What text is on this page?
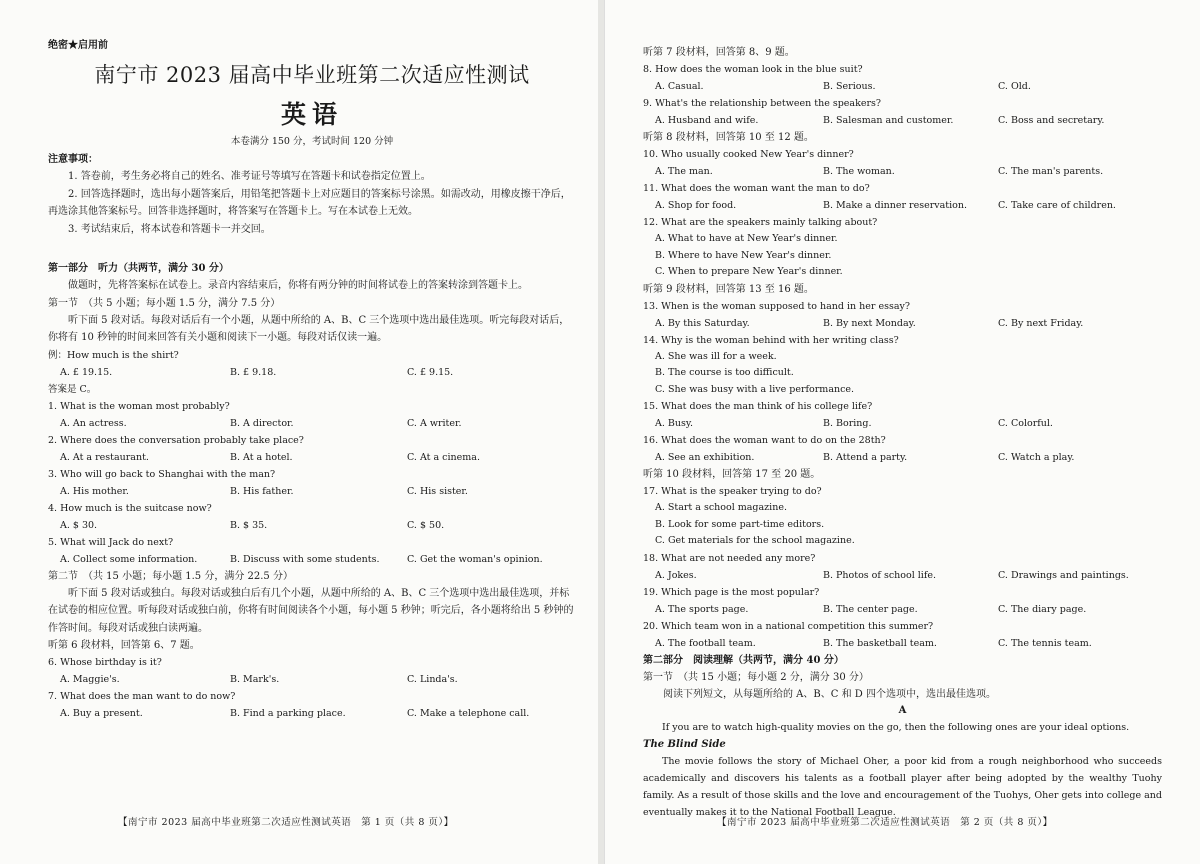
绝密★启用前
南宁市 2023 届高中毕业班第二次适应性测试
英语
本卷满分 150 分，考试时间 120 分钟
注意事项：
1. 答卷前，考生务必将自己的姓名、准考证号等填写在答题卡和试卷指定位置上。
2. 回答选择题时，选出每小题答案后，用铅笔把答题卡上对应题目的答案标号涂黑。如需改动，用橡皮擦干净后，再选涂其他答案标号。回答非选择题时，将答案写在答题卡上。写在本试卷上无效。
3. 考试结束后，将本试卷和答题卡一并交回。
第一部分　听力（共两节，满分 30 分）
做题时，先将答案标在试卷上。录音内容结束后，你将有两分钟的时间将试卷上的答案转涂到答题卡上。
第一节　（共 5 小题；每小题 1.5 分，满分 7.5 分）
听下面 5 段对话。每段对话后有一个小题，从题中所给的 A、B、C 三个选项中选出最佳选项。听完每段对话后，你将有 10 秒钟的时间来回答有关小题和阅读下一小题。每段对话仅读一遍。
例：How much is the shirt?
A. £ 19.15.	B. £ 9.18.	C. £ 9.15.
答案是 C。
1. What is the woman most probably?
A. An actress.	B. A director.	C. A writer.
2. Where does the conversation probably take place?
A. At a restaurant.	B. At a hotel.	C. At a cinema.
3. Who will go back to Shanghai with the man?
A. His mother.	B. His father.	C. His sister.
4. How much is the suitcase now?
A. $ 30.	B. $ 35.	C. $ 50.
5. What will Jack do next?
A. Collect some information.	B. Discuss with some students.	C. Get the woman's opinion.
第二节　（共 15 小题；每小题 1.5 分，满分 22.5 分）
听下面 5 段对话或独白。每段对话或独白后有几个小题，从题中所给的 A、B、C 三个选项中选出最佳选项，并标在试卷的相应位置。听每段对话或独白前，你将有时间阅读各个小题，每小题 5 秒钟；听完后，各小题将给出 5 秒钟的作答时间。每段对话或独白读两遍。
听第 6 段材料，回答第 6、7 题。
6. Whose birthday is it?
A. Maggie's.	B. Mark's.	C. Linda's.
7. What does the man want to do now?
A. Buy a present.	B. Find a parking place.	C. Make a telephone call.
【南宁市 2023 届高中毕业班第二次适应性测试英语　第 1 页（共 8 页）】
听第 7 段材料，回答第 8、9 题。
8. How does the woman look in the blue suit?
A. Casual.	B. Serious.	C. Old.
9. What's the relationship between the speakers?
A. Husband and wife.	B. Salesman and customer.	C. Boss and secretary.
听第 8 段材料，回答第 10 至 12 题。
10. Who usually cooked New Year's dinner?
A. The man.	B. The woman.	C. The man's parents.
11. What does the woman want the man to do?
A. Shop for food.	B. Make a dinner reservation.	C. Take care of children.
12. What are the speakers mainly talking about?
A. What to have at New Year's dinner.
B. Where to have New Year's dinner.
C. When to prepare New Year's dinner.
听第 9 段材料，回答第 13 至 16 题。
13. When is the woman supposed to hand in her essay?
A. By this Saturday.	B. By next Monday.	C. By next Friday.
14. Why is the woman behind with her writing class?
A. She was ill for a week.
B. The course is too difficult.
C. She was busy with a live performance.
15. What does the man think of his college life?
A. Busy.	B. Boring.	C. Colorful.
16. What does the woman want to do on the 28th?
A. See an exhibition.	B. Attend a party.	C. Watch a play.
听第 10 段材料，回答第 17 至 20 题。
17. What is the speaker trying to do?
A. Start a school magazine.
B. Look for some part-time editors.
C. Get materials for the school magazine.
18. What are not needed any more?
A. Jokes.	B. Photos of school life.	C. Drawings and paintings.
19. Which page is the most popular?
A. The sports page.	B. The center page.	C. The diary page.
20. Which team won in a national competition this summer?
A. The football team.	B. The basketball team.	C. The tennis team.
第二部分　阅读理解（共两节，满分 40 分）
第一节　（共 15 小题；每小题 2 分，满分 30 分）
阅读下列短文，从每题所给的 A、B、C 和 D 四个选项中，选出最佳选项。
A
If you are to watch high-quality movies on the go, then the following ones are your ideal options.
The Blind Side
The movie follows the story of Michael Oher, a poor kid from a rough neighborhood who succeeds academically and discovers his talents as a football player after being adopted by the wealthy Tuohy family. As a result of those skills and the love and encouragement of the Tuohys, Oher gets into college and eventually makes it to the National Football League.
【南宁市 2023 届高中毕业班第二次适应性测试英语　第 2 页（共 8 页）】
